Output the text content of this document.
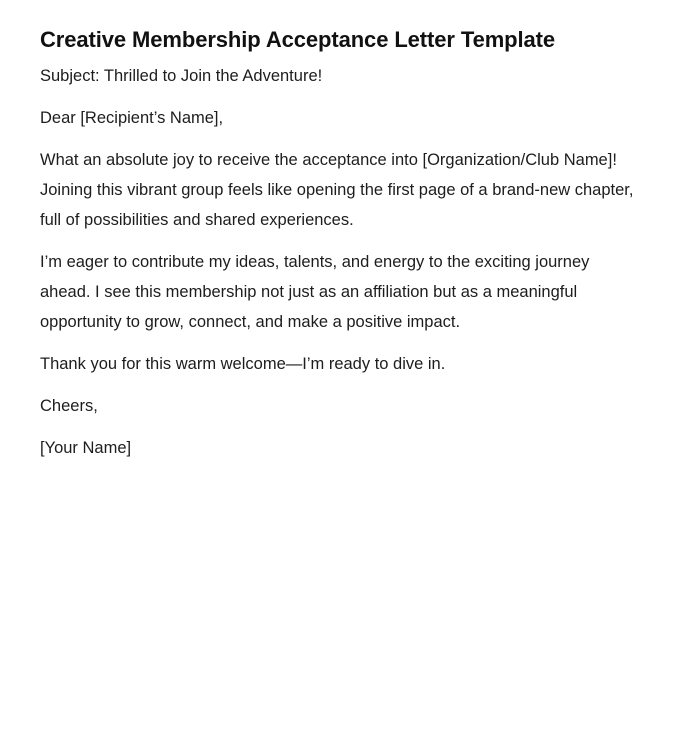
Creative Membership Acceptance Letter Template

Subject: Thrilled to Join the Adventure!

Dear [Recipient’s Name],

What an absolute joy to receive the acceptance into [Organization/Club Name]! Joining this vibrant group feels like opening the first page of a brand-new chapter, full of possibilities and shared experiences.

I’m eager to contribute my ideas, talents, and energy to the exciting journey ahead. I see this membership not just as an affiliation but as a meaningful opportunity to grow, connect, and make a positive impact.

Thank you for this warm welcome—I’m ready to dive in.

Cheers,

[Your Name]
